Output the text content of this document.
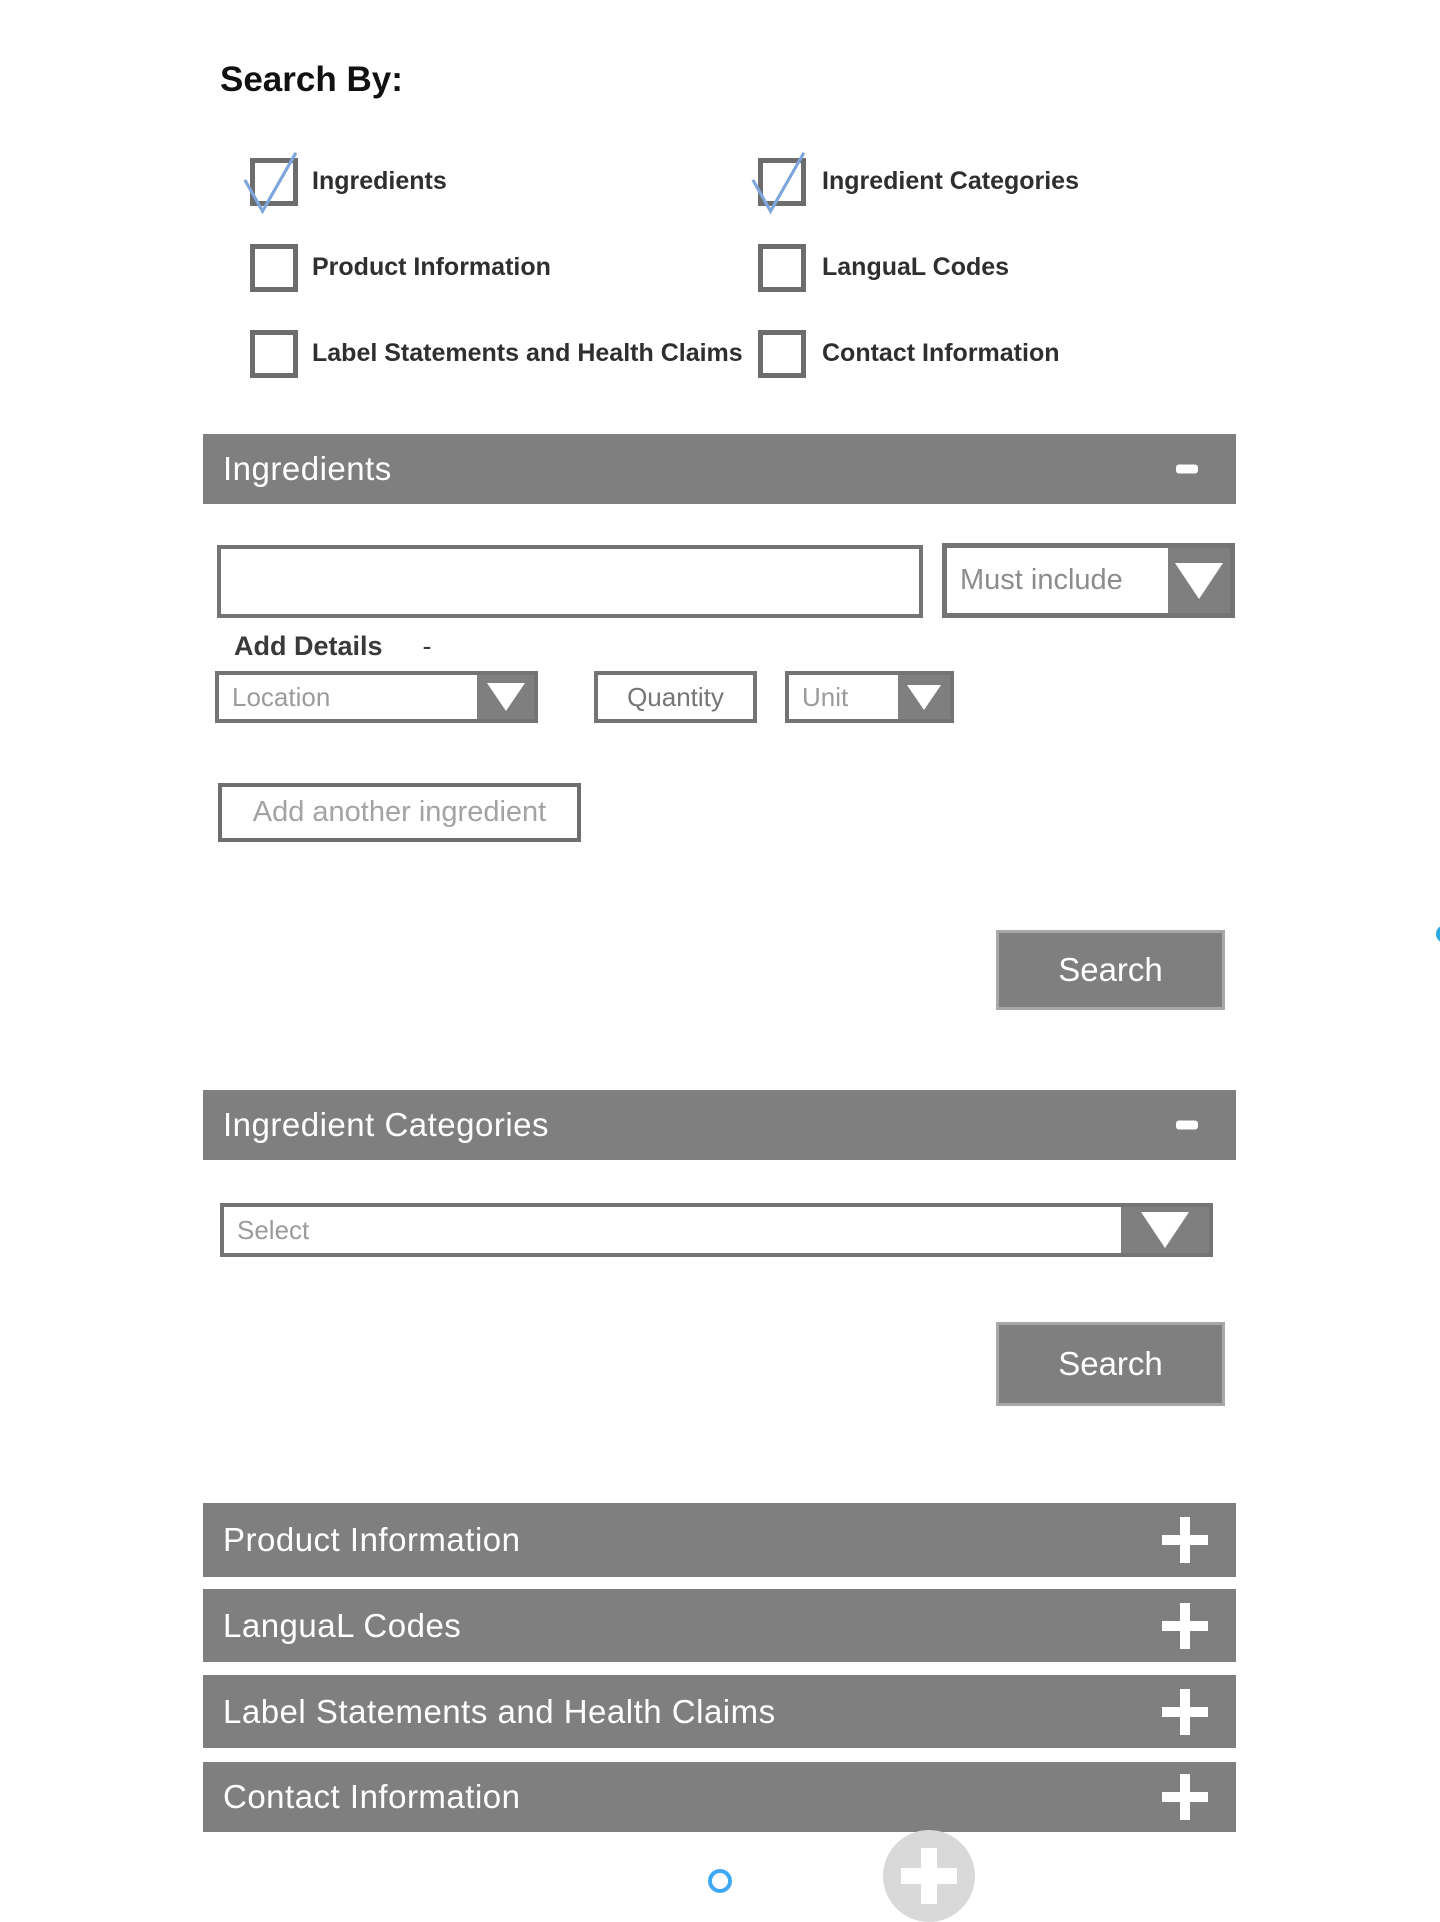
Search By:
Ingredients	Ingredient Categories
Product Information	LanguaL Codes
Label Statements and Health Claims	Contact Information
Ingredients
Must include
Add Details -
Location
Quantity	Unit
Add another ingredient
Search
Ingredient Categories
Select
Search
Product Information
LanguaL Codes
Label Statements and Health Claims
Contact Information
